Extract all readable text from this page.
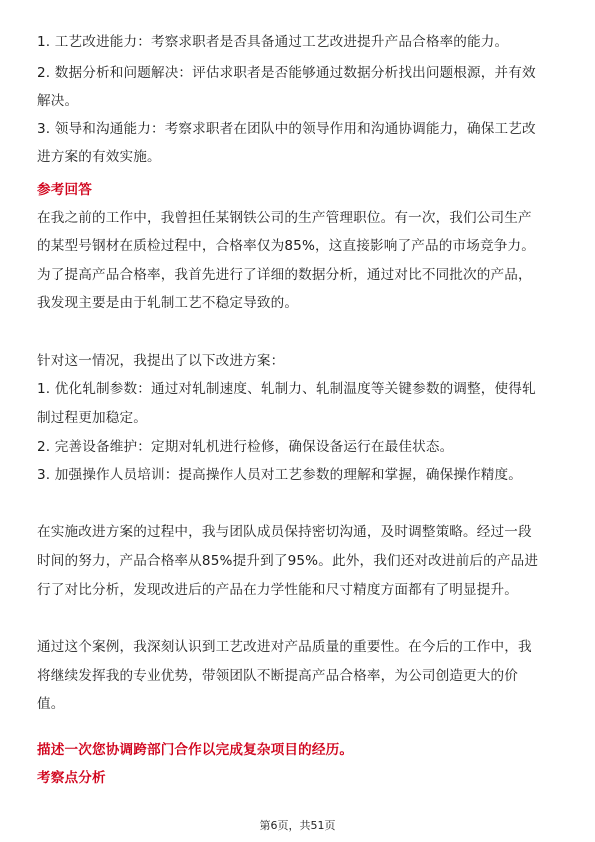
1. 工艺改进能力：考察求职者是否具备通过工艺改进提升产品合格率的能力。
2. 数据分析和问题解决：评估求职者是否能够通过数据分析找出问题根源，并有效
解决。
3. 领导和沟通能力：考察求职者在团队中的领导作用和沟通协调能力，确保工艺改
进方案的有效实施。
参考回答
在我之前的工作中，我曾担任某钢铁公司的生产管理职位。有一次，我们公司生产
的某型号钢材在质检过程中，合格率仅为85%，这直接影响了产品的市场竞争力。
为了提高产品合格率，我首先进行了详细的数据分析，通过对比不同批次的产品，
我发现主要是由于轧制工艺不稳定导致的。
针对这一情况，我提出了以下改进方案：
1. 优化轧制参数：通过对轧制速度、轧制力、轧制温度等关键参数的调整，使得轧
制过程更加稳定。
2. 完善设备维护：定期对轧机进行检修，确保设备运行在最佳状态。
3. 加强操作人员培训：提高操作人员对工艺参数的理解和掌握，确保操作精度。
在实施改进方案的过程中，我与团队成员保持密切沟通，及时调整策略。经过一段
时间的努力，产品合格率从85%提升到了95%。此外，我们还对改进前后的产品进
行了对比分析，发现改进后的产品在力学性能和尺寸精度方面都有了明显提升。
通过这个案例，我深刻认识到工艺改进对产品质量的重要性。在今后的工作中，我
将继续发挥我的专业优势，带领团队不断提高产品合格率，为公司创造更大的价
值。
描述一次您协调跨部门合作以完成复杂项目的经历。
考察点分析
第6页，共51页
